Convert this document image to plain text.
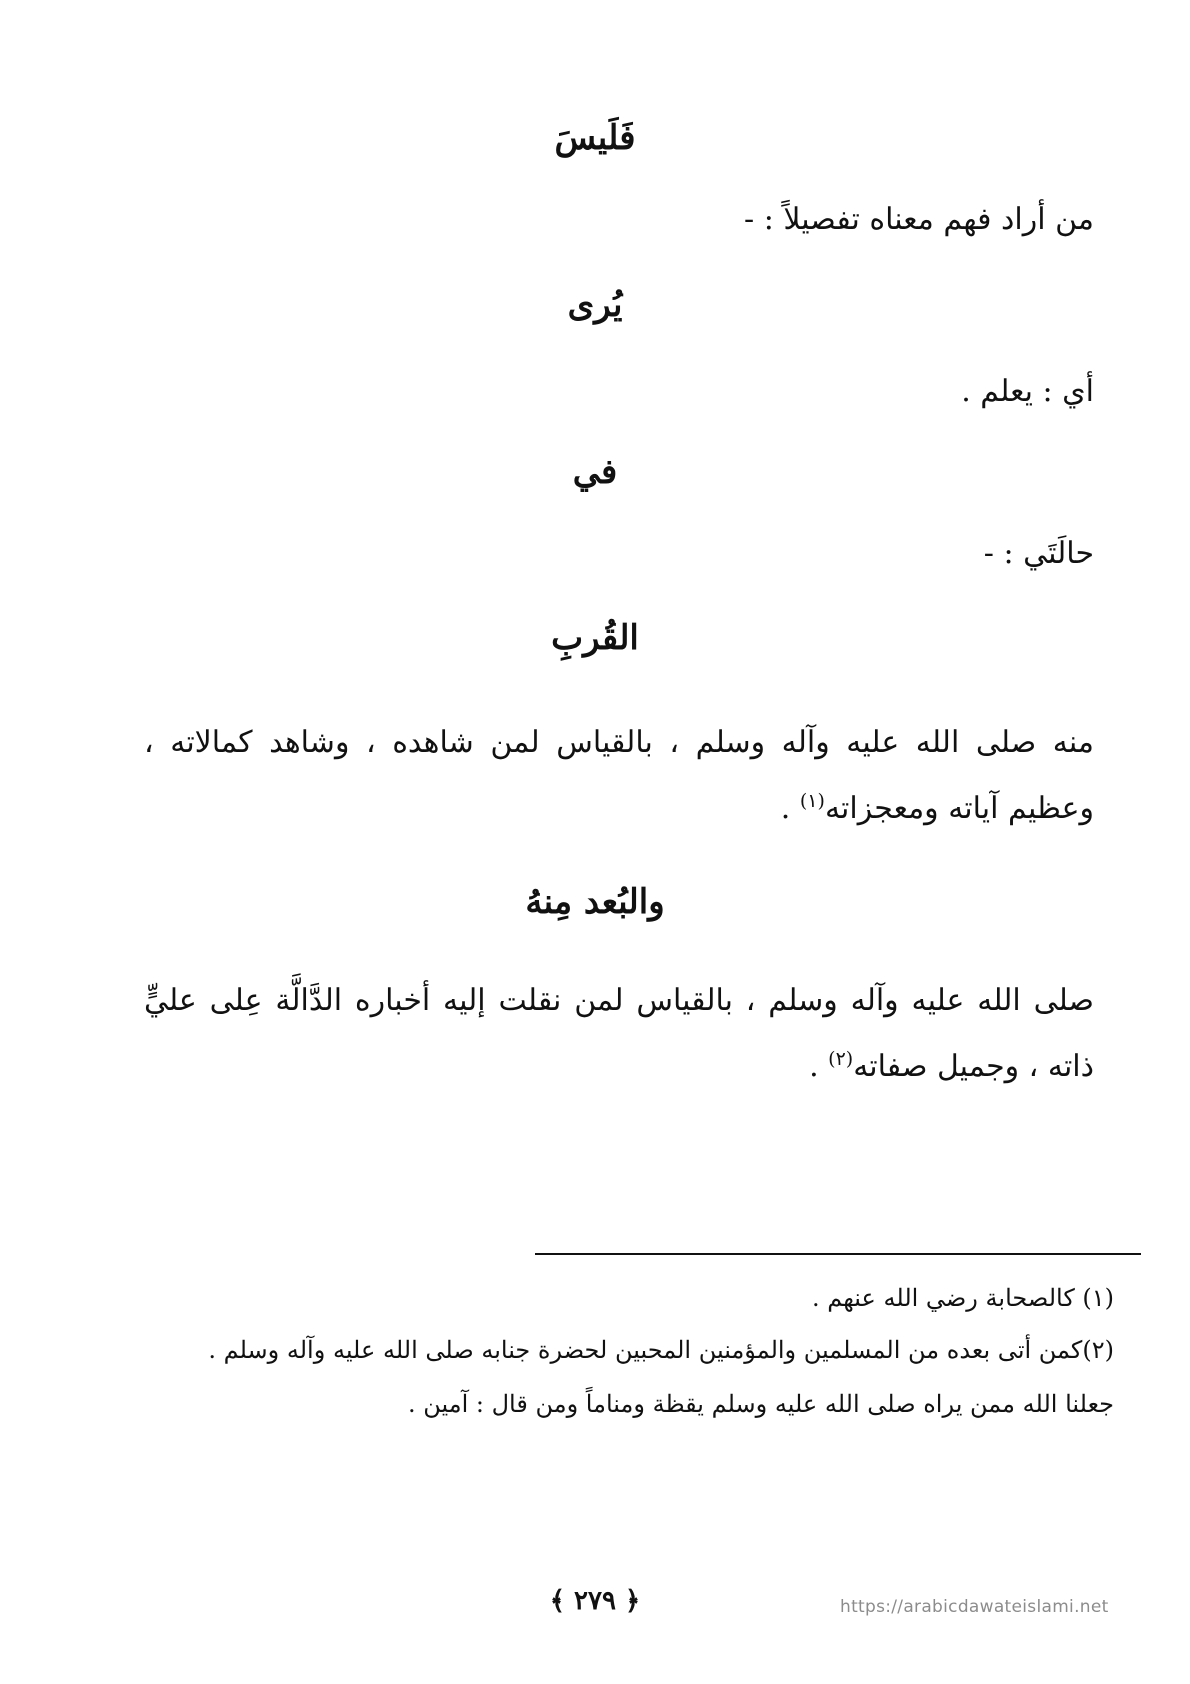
فَلَيسَ
من أراد فهم معناه تفصيلاً : -
يُرى
أي : يعلم .
في
حالَتَي : -
القُربِ
منه صلى الله عليه وآله وسلم ، بالقياس لمن شاهده ، وشاهد كمالاته ، وعظيم آياته ومعجزاته$^{(١)}$ .
والبُعد مِنهُ
صلى الله عليه وآله وسلم ، بالقياس لمن نقلت إليه أخباره الدَّالَّة عِلى عليٍّ ذاته ، وجميل صفاته$^{(٢)}$ .
(١) كالصحابة رضي الله عنهم .
(٢)كمن أتى بعده من المسلمين والمؤمنين المحبين لحضرة جنابه صلى الله عليه وآله وسلم .
جعلنا الله ممن يراه صلى الله عليه وسلم يقظة ومناماً ومن قال : آمين .
﴿ ٢٧٩ ﴾	https://arabicdawateislami.net
